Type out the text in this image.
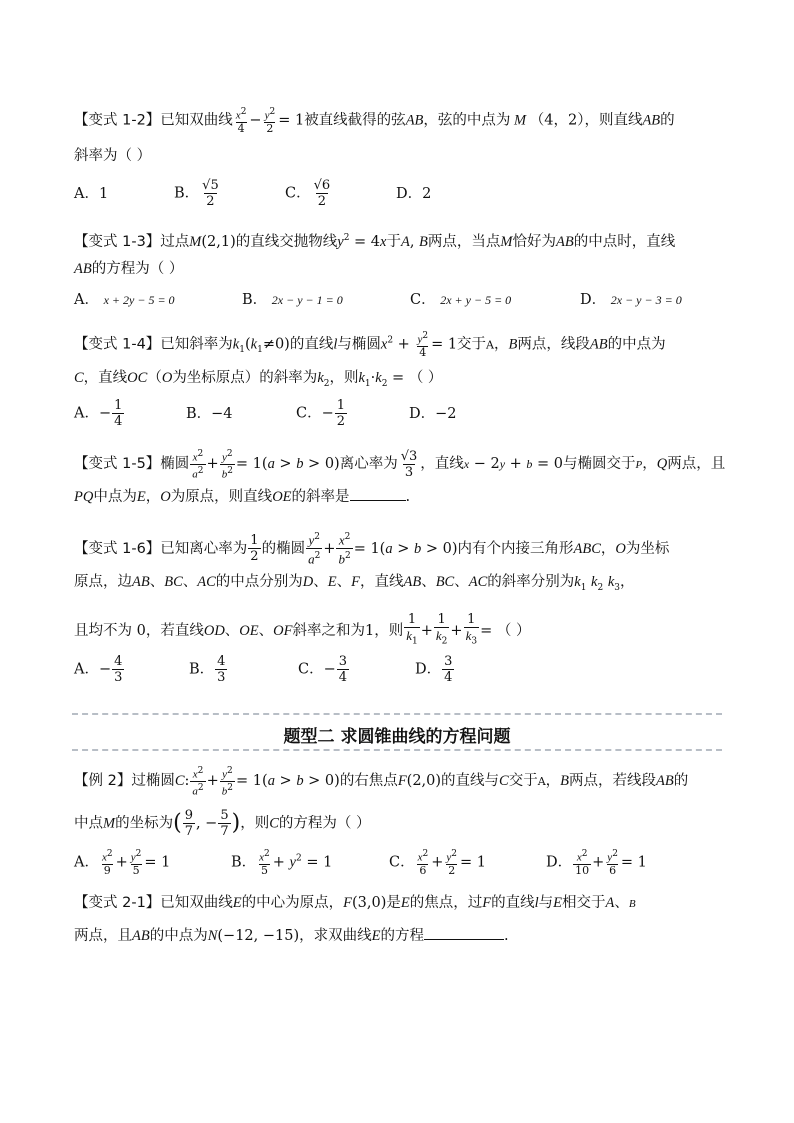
【变式 1-2】已知双曲线 $\frac{x^2}{4} - \frac{y^2}{2} = 1$被直线截得的弦AB，弦的中点为 M （4，2），则直线AB的
斜率为（ ）
A．1	B． $\frac{√5}{2}$	C． $\frac{√6}{2}$	D．2
【变式 1-3】过点M(2,1)的直线交抛物线$y^2 = 4x$于A, B两点，当点M恰好为AB的中点时，直线
AB的方程为（ ）
A． x + 2y − 5 = 0	B． 2x − y − 1 = 0	C． 2x + y − 5 = 0	D． 2x − y − 3 = 0
【变式 1-4】已知斜率为$k_1(k_1\ne 0)$的直线l与椭圆$x^2 + \frac{y^2}{4} = 1$交于A，B两点，线段AB的中点为
C，直线OC（O为坐标原点）的斜率为$k_2$，则$k_1\cdot k_2$ = （ ）
A．− $\frac{1}{4}$	B．−4	C．− $\frac{1}{2}$	D．−2
【变式 1-5】椭圆 $\frac{x^2}{a^2} + \frac{y^2}{b^2} = 1(a > b > 0)$离心率为 $\frac{√3}{3}$ ，直线x − 2y + b = 0与椭圆交于P，Q两点，且
PQ中点为E，O为原点，则直线OE的斜率是	.
【变式 1-6】已知离心率为 $\frac{1}{2}$ 的椭圆 $\frac{y^2}{a^2} + \frac{x^2}{b^2} = 1(a > b > 0)$内有个内接三角形ABC，O为坐标
原点，边AB、BC、AC的中点分别为D、E、F，直线AB、BC、AC的斜率分别为$k_1$ $k_2$ $k_3$，
且均不为 0，若直线OD、OE、OF斜率之和为1，则 $\frac{1}{k_1} + \frac{1}{k_2} + \frac{1}{k_3}$ = （ ）
A．− $\frac{4}{3}$	B． $\frac{4}{3}$	C．− $\frac{3}{4}$	D． $\frac{3}{4}$
题型二 求圆锥曲线的方程问题
【例 2】过椭圆C: $\frac{x^2}{a^2} + \frac{y^2}{b^2} = 1(a > b > 0)$的右焦点F(2,0)的直线与C交于A，B两点，若线段AB的
中点M的坐标为( $\frac{9}{7}$ , − $\frac{5}{7}$ )，则C的方程为（ ）
A． $\frac{x^2}{9} + \frac{y^2}{5} = 1$	B． $\frac{x^2}{5} + y^2 = 1$	C． $\frac{x^2}{6} + \frac{y^2}{2} = 1$	D． $\frac{x^2}{10} + \frac{y^2}{6} = 1$
【变式 2-1】已知双曲线E的中心为原点，F(3,0)是E的焦点，过F的直线l与E相交于A、B
两点，且AB的中点为N(−12, −15)，求双曲线E的方程	.
